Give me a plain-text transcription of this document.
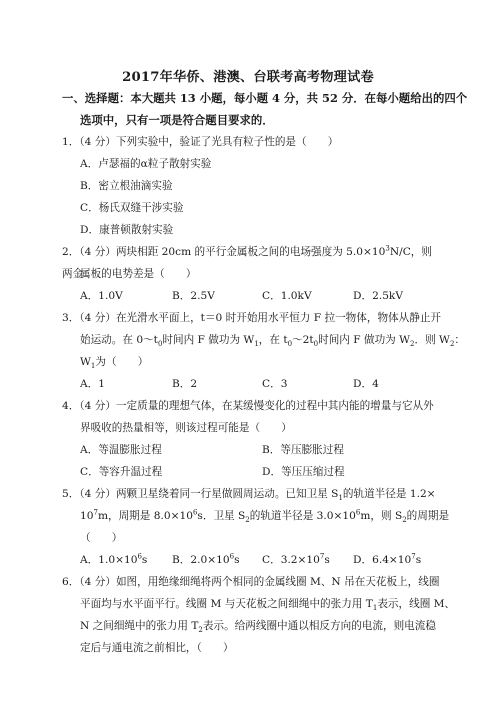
2017年华侨、港澳、台联考高考物理试卷
一、选择题：本大题共 13 小题，每小题 4 分，共 52 分．在每小题给出的四个
选项中，只有一项是符合题目要求的．
1．（4 分）下列实验中，验证了光具有粒子性的是（　　）
A．卢瑟福的α粒子散射实验
B．密立根油滴实验
C．杨氏双缝干涉实验
D．康普顿散射实验
2．（4 分）两块相距 20cm 的平行金属板之间的电场强度为 $5.0\times 10^3N/C$，则两金
属板的电势差是（　　）
A．1.0V	B．2.5V	C．1.0kV	D．2.5kV
3．（4 分）在光滑水平面上，t＝0 时开始用水平恒力 F 拉一物体，物体从静止开
始运动。在 $0\sim t_0$时间内 F 做功为 $W_1$，在 $t_0\sim 2t_0$时间内 F 做功为 $W_2$．则 $W_2$：
$W_1$为（　　）
A．1	B．2	C．3	D．4
4．（4 分）一定质量的理想气体，在某缓慢变化的过程中其内能的增量与它从外
界吸收的热量相等，则该过程可能是（　　）
A．等温膨胀过程	B．等压膨胀过程
C．等容升温过程	D．等压压缩过程
5．（4 分）两颗卫星绕着同一行星做圆周运动。已知卫星 $S_1$的轨道半径是 1.2×
$10^7m$，周期是 $8.0\times 10^6s$．卫星 $S_2$的轨道半径是 $3.0\times 10^6m$，则 $S_2$的周期是
（　　）
A．$1.0\times 10^6s$ B．$2.0\times 10^6s$ C．$3.2\times 10^7s$ D．$6.4\times 10^7s$
6．（4 分）如图，用绝缘细绳将两个相同的金属线圈 M、N 吊在天花板上，线圈
平面均与水平面平行。线圈 M 与天花板之间细绳中的张力用 $T_1$表示，线圈 M、
N 之间细绳中的张力用 $T_2$表示。给两线圈中通以相反方向的电流，则电流稳
定后与通电流之前相比，（　　）
